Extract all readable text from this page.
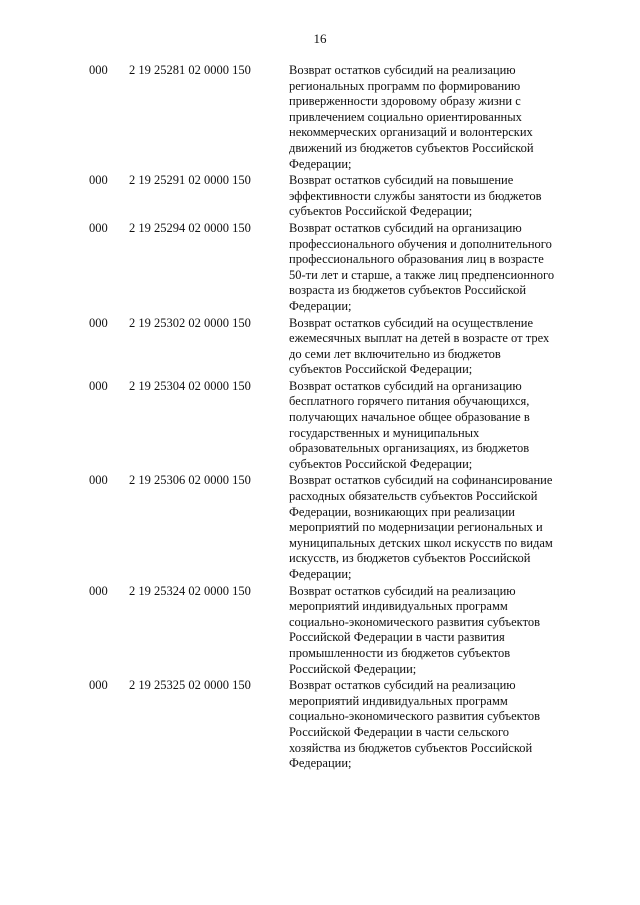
16
000 2 19 25281 02 0000 150	Возврат остатков субсидий на реализацию
региональных программ по формированию
приверженности здоровому образу жизни с
привлечением социально ориентированных
некоммерческих организаций и волонтерских
движений из бюджетов субъектов Российской
Федерации;
000 2 19 25291 02 0000 150	Возврат остатков субсидий на повышение
эффективности службы занятости из бюджетов
субъектов Российской Федерации;
000 2 19 25294 02 0000 150	Возврат остатков субсидий на организацию
профессионального обучения и дополнительного
профессионального образования лиц в возрасте
50-ти лет и старше, а также лиц предпенсионного
возраста из бюджетов субъектов Российской
Федерации;
000 2 19 25302 02 0000 150	Возврат остатков субсидий на осуществление
ежемесячных выплат на детей в возрасте от трех
до семи лет включительно из бюджетов
субъектов Российской Федерации;
000 2 19 25304 02 0000 150	Возврат остатков субсидий на организацию
бесплатного горячего питания обучающихся,
получающих начальное общее образование в
государственных и муниципальных
образовательных организациях, из бюджетов
субъектов Российской Федерации;
000 2 19 25306 02 0000 150	Возврат остатков субсидий на софинансирование
расходных обязательств субъектов Российской
Федерации, возникающих при реализации
мероприятий по модернизации региональных и
муниципальных детских школ искусств по видам
искусств, из бюджетов субъектов Российской
Федерации;
000 2 19 25324 02 0000 150	Возврат остатков субсидий на реализацию
мероприятий индивидуальных программ
социально-экономического развития субъектов
Российской Федерации в части развития
промышленности из бюджетов субъектов
Российской Федерации;
000 2 19 25325 02 0000 150	Возврат остатков субсидий на реализацию
мероприятий индивидуальных программ
социально-экономического развития субъектов
Российской Федерации в части сельского
хозяйства из бюджетов субъектов Российской
Федерации;
